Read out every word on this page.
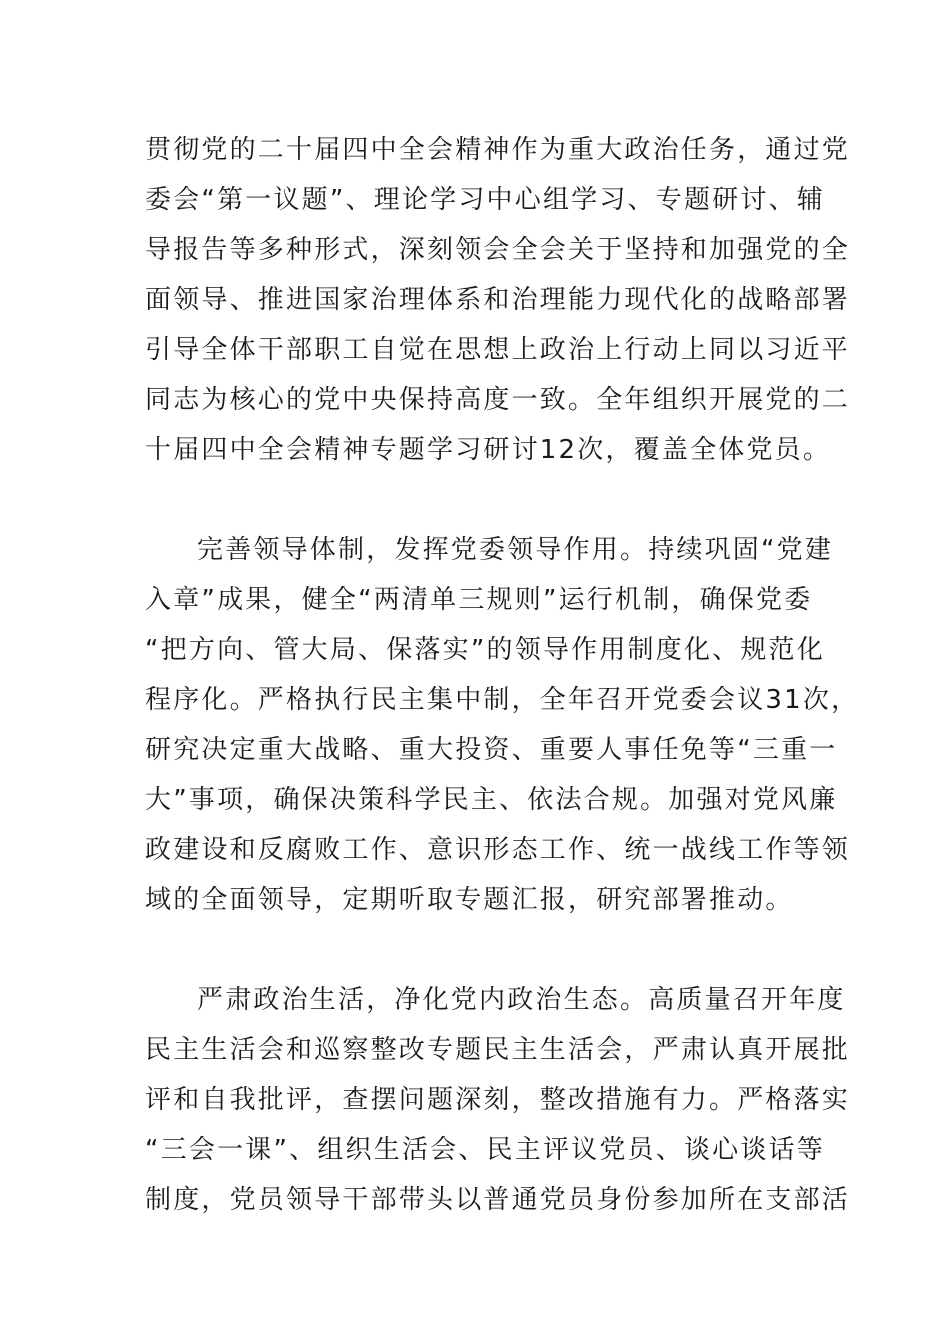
贯彻党的二十届四中全会精神作为重大政治任务，通过党
委会“第一议题”、理论学习中心组学习、专题研讨、辅
导报告等多种形式，深刻领会全会关于坚持和加强党的全
面领导、推进国家治理体系和治理能力现代化的战略部署
引导全体干部职工自觉在思想上政治上行动上同以习近平
同志为核心的党中央保持高度一致。全年组织开展党的二
十届四中全会精神专题学习研讨12次，覆盖全体党员。
完善领导体制，发挥党委领导作用。持续巩固“党建
入章”成果，健全“两清单三规则”运行机制，确保党委
“把方向、管大局、保落实”的领导作用制度化、规范化
程序化。严格执行民主集中制，全年召开党委会议31次，
研究决定重大战略、重大投资、重要人事任免等“三重一
大”事项，确保决策科学民主、依法合规。加强对党风廉
政建设和反腐败工作、意识形态工作、统一战线工作等领
域的全面领导，定期听取专题汇报，研究部署推动。
严肃政治生活，净化党内政治生态。高质量召开年度
民主生活会和巡察整改专题民主生活会，严肃认真开展批
评和自我批评，查摆问题深刻，整改措施有力。严格落实
“三会一课”、组织生活会、民主评议党员、谈心谈话等
制度，党员领导干部带头以普通党员身份参加所在支部活
